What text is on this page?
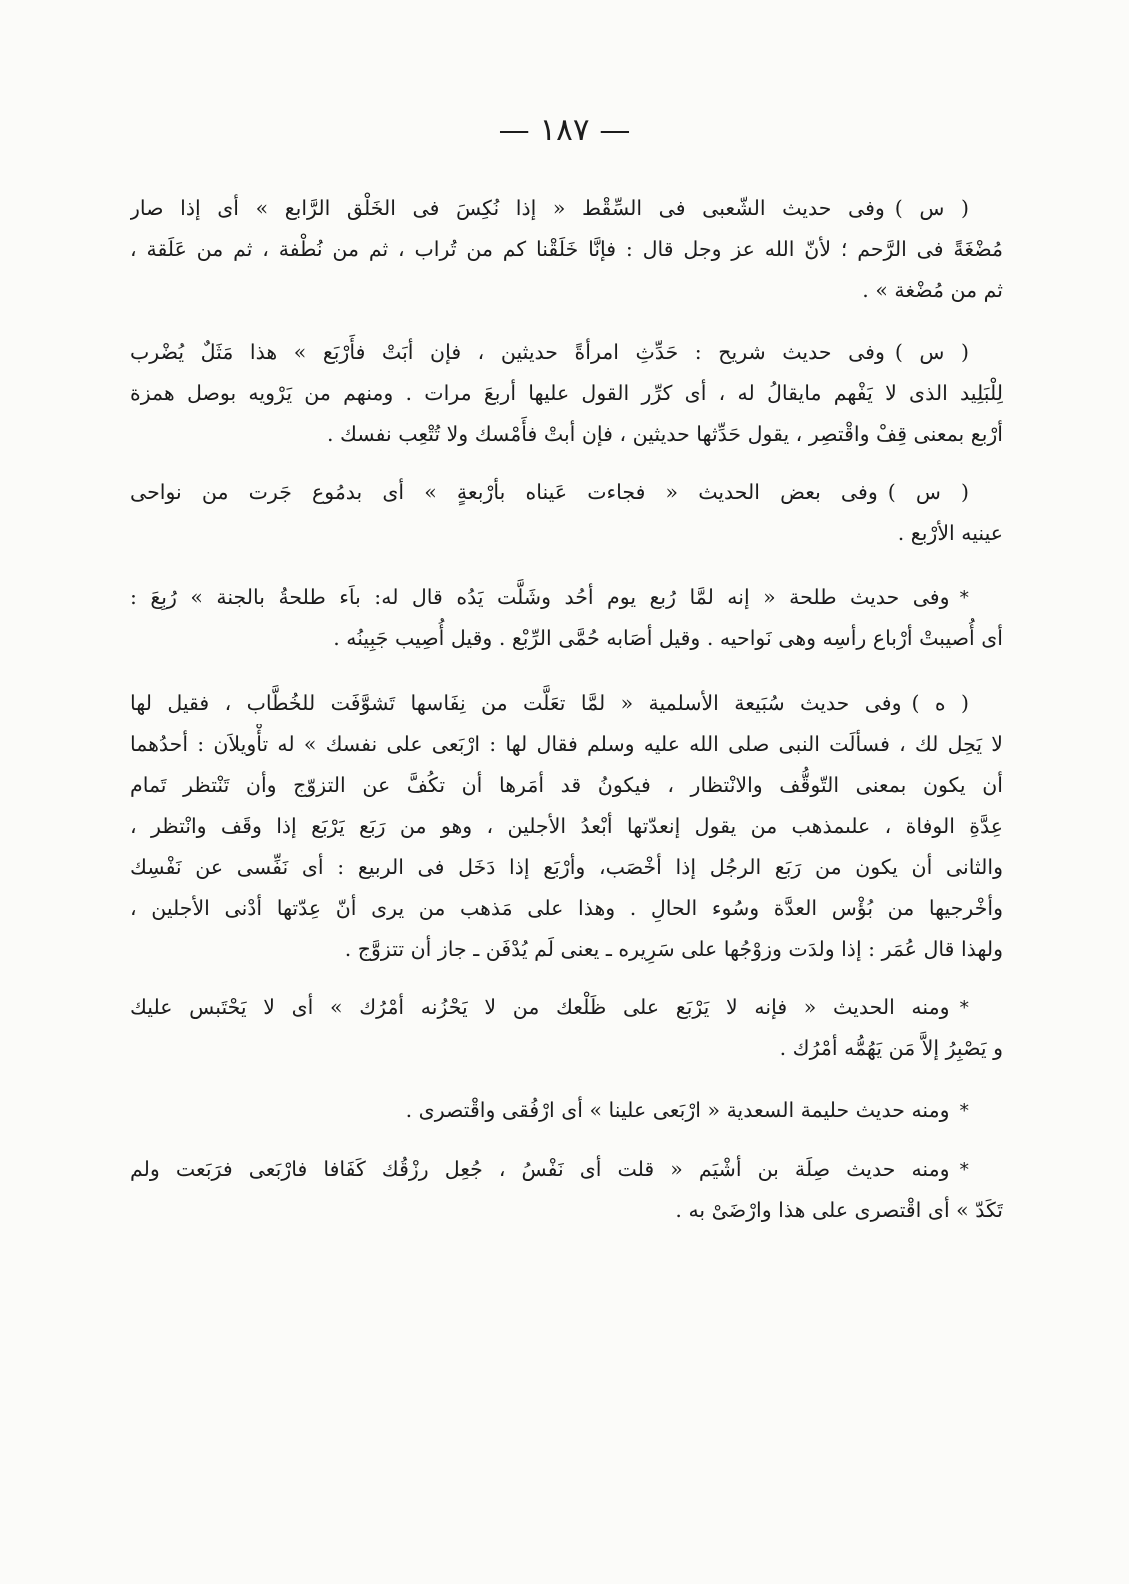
— ١٨٧ —
( س )وفى حديث الشّعبى فى السِّقْط « إذا نُكِسَ فى الخَلْق الرَّابع » أى إذا صار
مُضْغَةً فى الرَّحم ؛ لأنّ الله عز وجل قال : فإنَّا خَلَقْنا كم من تُراب ، ثم من نُطْفة ، ثم من عَلَقة ،
ثم من مُضْغة » .
( س )وفى حديث شريح : حَدِّثِ امرأةً حديثين ، فإن أبَتْ فأَرْبَع » هذا مَثَلٌ يُضْرب
لِلْبَلِيد الذى لا يَفْهم مايقالُ له ، أى كرِّر القول عليها أربعَ مرات . ومنهم من يَرْويه بوصل همزة
أرْبع بمعنى قِفْ واقْتصِر ، يقول حَدِّثها حديثين ، فإن أبتْ فأَمْسك ولا تُتْعِب نفسك .
( س )وفى بعض الحديث « فجاءت عَيناه بأرْبعةٍ » أى بدمُوع جَرت من نواحى
عينيه الأرْبع .
*وفى حديث طلحة « إنه لمَّا رُبع يوم أحُد وشَلَّت يَدُه قال له: باَء طلحةُ بالجنة » رُبِعَ :
أى أُصيبتْ أرْباع رأسِه وهى نَواحيه . وقيل أصَابه حُمَّى الرِّبْع . وقيل أُصِيب جَبِينُه .
( ه )وفى حديث سُبَيعة الأسلمية « لمَّا تعَلَّت من نِفَاسها تَشوَّفَت للخُطَّاب ، فقيل لها
لا يَحِل لك ، فسألَت النبى صلى الله عليه وسلم فقال لها : ارْبَعى على نفسك » له تأْويلاَن : أحدُهما
أن يكون بمعنى التّوقُّف والانْتظار ، فيكونُ قد أمَرها أن تكُفَّ عن التزوّج وأن تَنْتظر تَمام
عِدَّةِ الوفاة ، علىمذهب من يقول إنعدّتها أبْعدُ الأجلين ، وهو من رَبَع يَرْبَع إذا وقَف وانْتظر ،
والثانى أن يكون من رَبَع الرجُل إذا أخْصَب، وأرْبَع إذا دَخَل فى الربيع : أى نَفِّسى عن نَفْسِك
وأخْرجيها من بُؤْس العدَّة وسُوء الحالِ . وهذا على مَذهب من يرى أنّ عِدّتها أدْنى الأجلين ،
ولهذا قال عُمَر : إذا ولدَت وزوْجُها على سَرِيره ـ يعنى لَم يُدْفَن ـ جاز أن تتزوَّج .
*ومنه الحديث « فإنه لا يَرْبَع على ظَلْعك من لا يَحْزُنه أمْرُك » أى لا يَحْتَبس عليك
و يَصْبِرُ إلاَّ مَن يَهُمُّه أمْرُك .
*ومنه حديث حليمة السعدية « ارْبَعى علينا » أى ارْفُقى واقْتصرى .
*ومنه حديث صِلَة بن أشْيَم « قلت أى نَفْسُ ، جُعِل رزْقُك كَفَافا فارْبَعى فرَبَعت ولم
تَكَدّ » أى اقْتصرى على هذا وارْضَىْ به .
